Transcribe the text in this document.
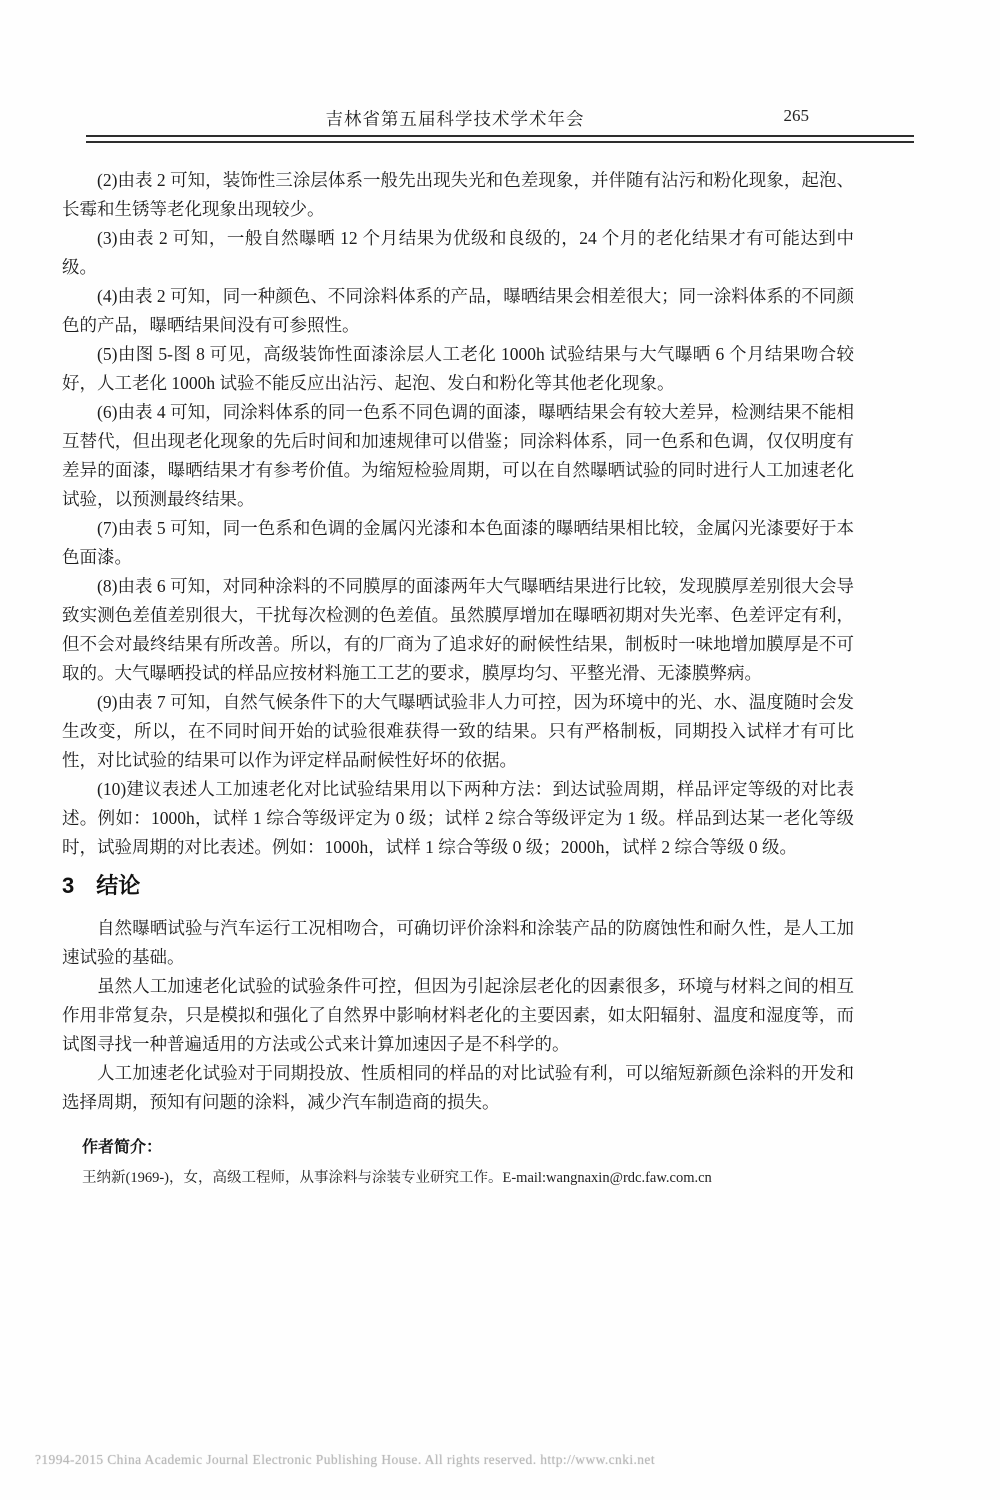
吉林省第五届科学技术学术年会	265

(2)由表 2 可知，装饰性三涂层体系一般先出现失光和色差现象，并伴随有沾污和粉化现象，起泡、长霉和生锈等老化现象出现较少。

(3)由表 2 可知，一般自然曝晒 12 个月结果为优级和良级的，24 个月的老化结果才有可能达到中级。

(4)由表 2 可知，同一种颜色、不同涂料体系的产品，曝晒结果会相差很大；同一涂料体系的不同颜色的产品，曝晒结果间没有可参照性。

(5)由图 5-图 8 可见，高级装饰性面漆涂层人工老化 1000h 试验结果与大气曝晒 6 个月结果吻合较好，人工老化 1000h 试验不能反应出沾污、起泡、发白和粉化等其他老化现象。

(6)由表 4 可知，同涂料体系的同一色系不同色调的面漆，曝晒结果会有较大差异，检测结果不能相互替代，但出现老化现象的先后时间和加速规律可以借鉴；同涂料体系，同一色系和色调，仅仅明度有差异的面漆，曝晒结果才有参考价值。为缩短检验周期，可以在自然曝晒试验的同时进行人工加速老化试验，以预测最终结果。

(7)由表 5 可知，同一色系和色调的金属闪光漆和本色面漆的曝晒结果相比较，金属闪光漆要好于本色面漆。

(8)由表 6 可知，对同种涂料的不同膜厚的面漆两年大气曝晒结果进行比较，发现膜厚差别很大会导致实测色差值差别很大，干扰每次检测的色差值。虽然膜厚增加在曝晒初期对失光率、色差评定有利，但不会对最终结果有所改善。所以，有的厂商为了追求好的耐候性结果，制板时一味地增加膜厚是不可取的。大气曝晒投试的样品应按材料施工工艺的要求，膜厚均匀、平整光滑、无漆膜弊病。

(9)由表 7 可知，自然气候条件下的大气曝晒试验非人力可控，因为环境中的光、水、温度随时会发生改变，所以，在不同时间开始的试验很难获得一致的结果。只有严格制板，同期投入试样才有可比性，对比试验的结果可以作为评定样品耐候性好坏的依据。

(10)建议表述人工加速老化对比试验结果用以下两种方法：到达试验周期，样品评定等级的对比表述。例如：1000h，试样 1 综合等级评定为 0 级；试样 2 综合等级评定为 1 级。样品到达某一老化等级时，试验周期的对比表述。例如：1000h，试样 1 综合等级 0 级；2000h，试样 2 综合等级 0 级。

3 结论

自然曝晒试验与汽车运行工况相吻合，可确切评价涂料和涂装产品的防腐蚀性和耐久性，是人工加速试验的基础。

虽然人工加速老化试验的试验条件可控，但因为引起涂层老化的因素很多，环境与材料之间的相互作用非常复杂，只是模拟和强化了自然界中影响材料老化的主要因素，如太阳辐射、温度和湿度等，而试图寻找一种普遍适用的方法或公式来计算加速因子是不科学的。

人工加速老化试验对于同期投放、性质相同的样品的对比试验有利，可以缩短新颜色涂料的开发和选择周期，预知有问题的涂料，减少汽车制造商的损失。

作者简介：
王纳新(1969-)，女，高级工程师，从事涂料与涂装专业研究工作。E-mail:wangnaxin@rdc.faw.com.cn
?1994-2015 China Academic Journal Electronic Publishing House. All rights reserved. http://www.cnki.net
